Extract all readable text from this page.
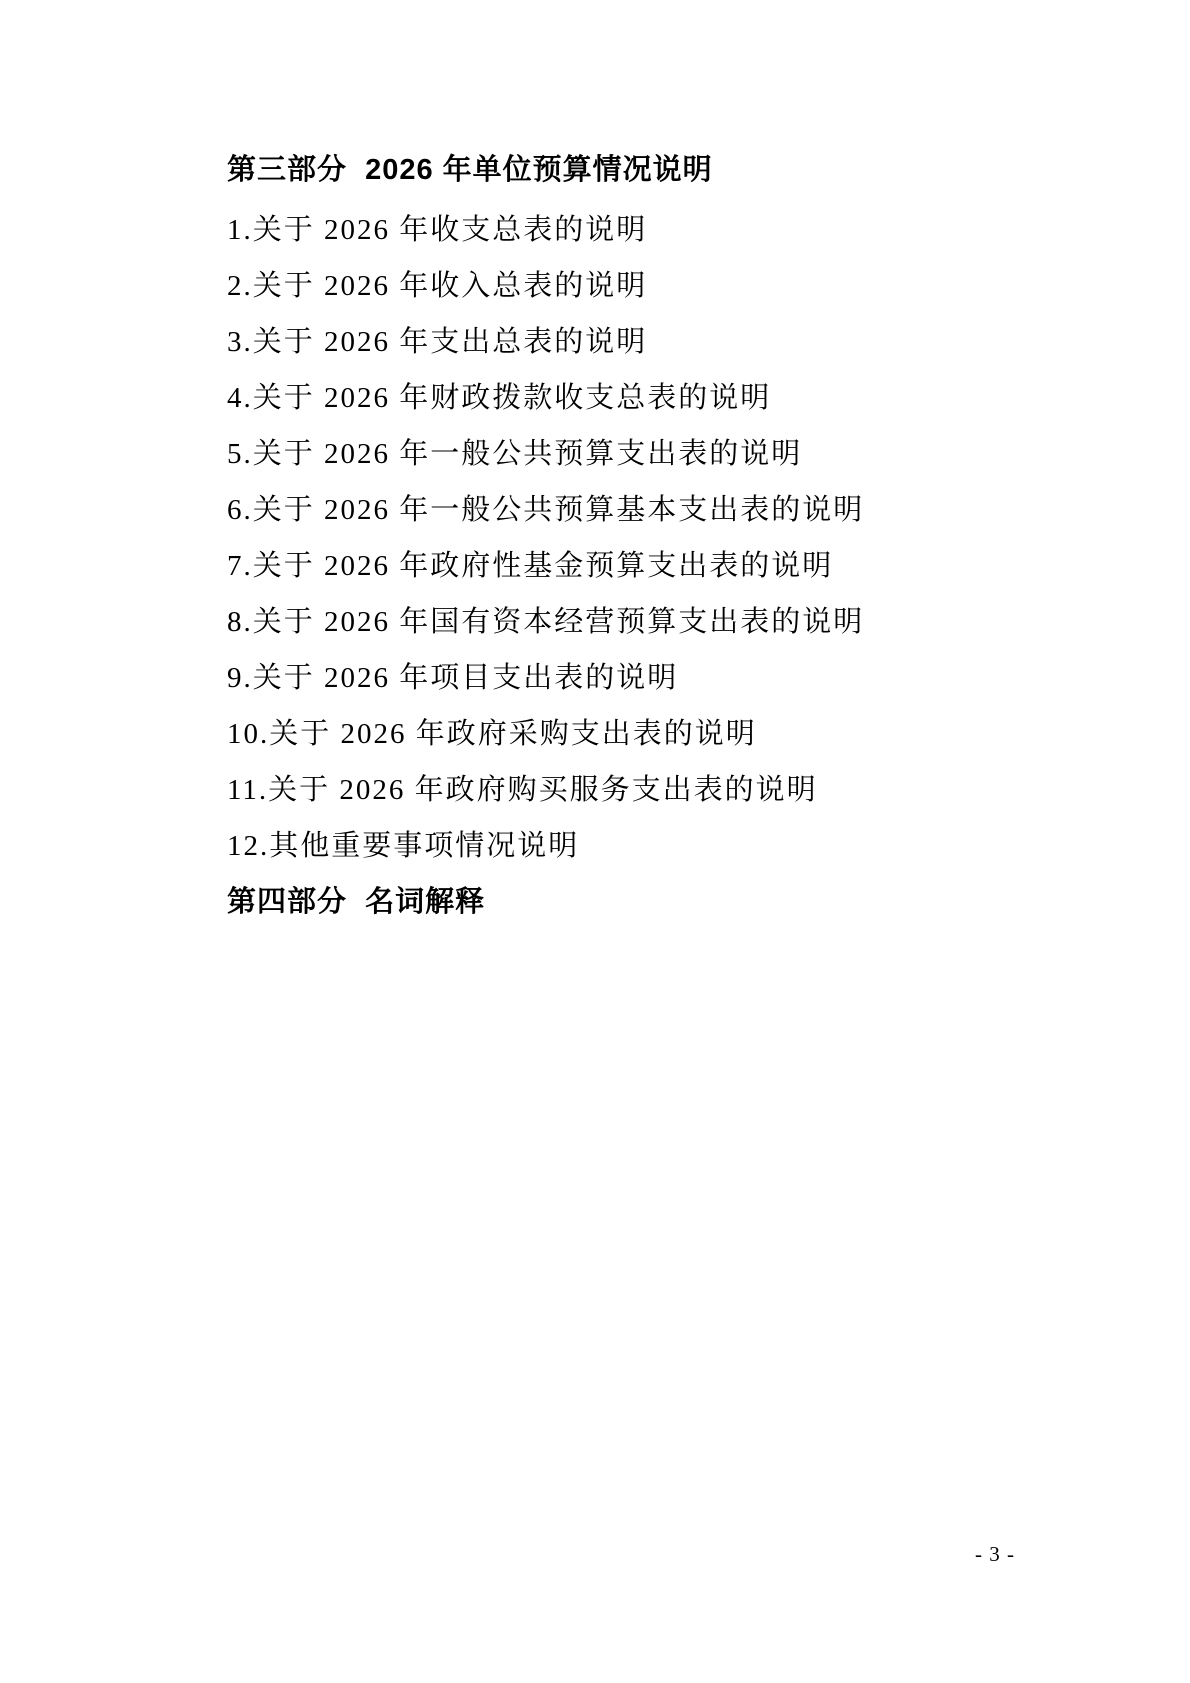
第三部分  2026 年单位预算情况说明
1.关于 2026 年收支总表的说明
2.关于 2026 年收入总表的说明
3.关于 2026 年支出总表的说明
4.关于 2026 年财政拨款收支总表的说明
5.关于 2026 年一般公共预算支出表的说明
6.关于 2026 年一般公共预算基本支出表的说明
7.关于 2026 年政府性基金预算支出表的说明
8.关于 2026 年国有资本经营预算支出表的说明
9.关于 2026 年项目支出表的说明
10.关于 2026 年政府采购支出表的说明
11.关于 2026 年政府购买服务支出表的说明
12.其他重要事项情况说明
第四部分  名词解释
- 3 -
